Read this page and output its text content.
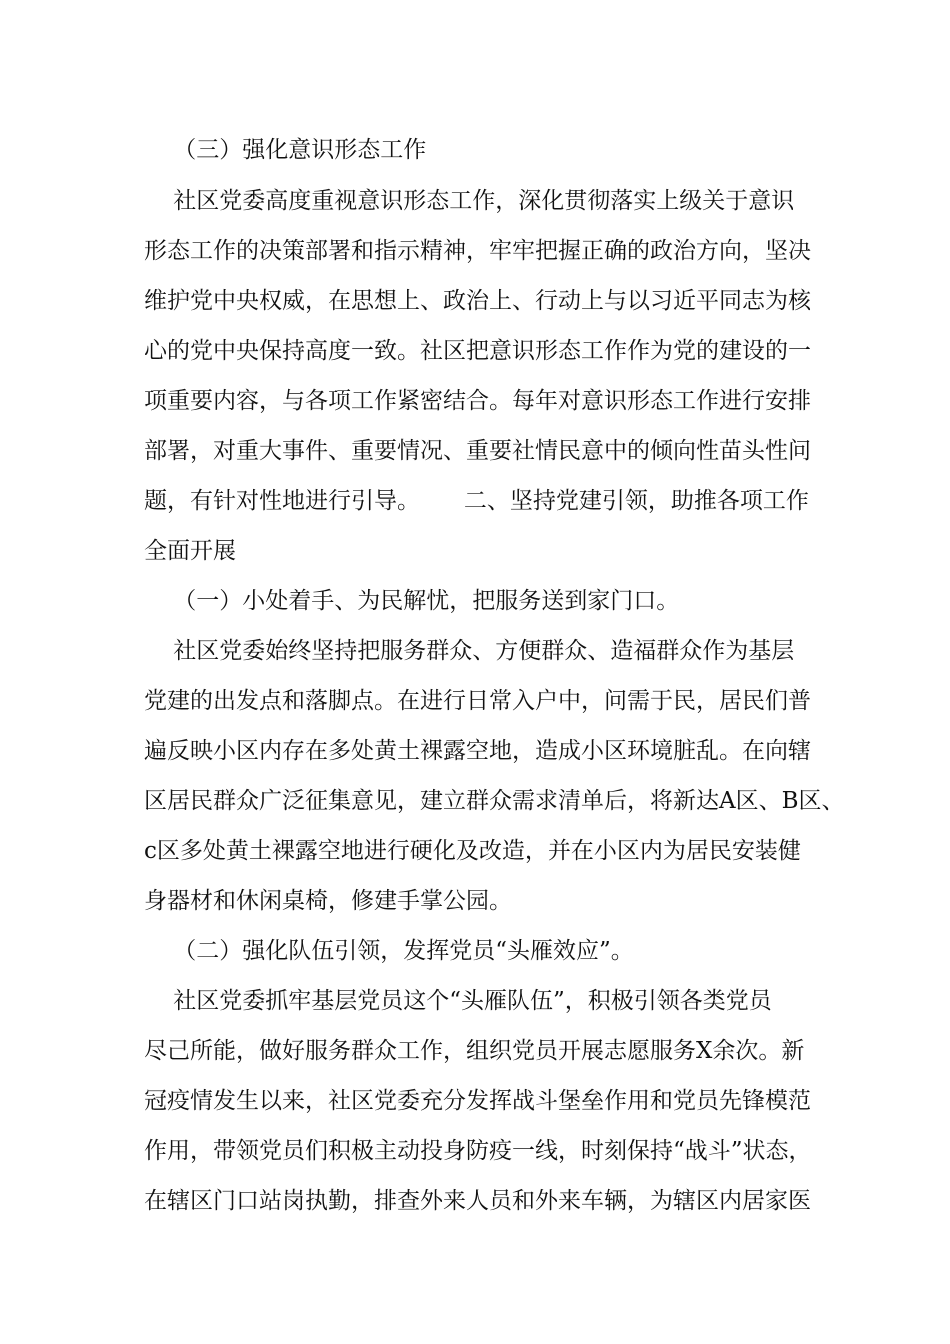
（三）强化意识形态工作
社区党委高度重视意识形态工作，深化贯彻落实上级关于意识
形态工作的决策部署和指示精神，牢牢把握正确的政治方向，坚决
维护党中央权威，在思想上、政治上、行动上与以习近平同志为核
心的党中央保持高度一致。社区把意识形态工作作为党的建设的一
项重要内容，与各项工作紧密结合。每年对意识形态工作进行安排
部署，对重大事件、重要情况、重要社情民意中的倾向性苗头性问
题，有针对性地进行引导。      二、坚持党建引领，助推各项工作
全面开展
（一）小处着手、为民解忧，把服务送到家门口。
社区党委始终坚持把服务群众、方便群众、造福群众作为基层
党建的出发点和落脚点。在进行日常入户中，问需于民，居民们普
遍反映小区内存在多处黄土裸露空地，造成小区环境脏乱。在向辖
区居民群众广泛征集意见，建立群众需求清单后，将新达A区、B区、
c区多处黄土裸露空地进行硬化及改造，并在小区内为居民安装健
身器材和休闲桌椅，修建手掌公园。
（二）强化队伍引领，发挥党员“头雁效应”。
社区党委抓牢基层党员这个“头雁队伍”，积极引领各类党员
尽己所能，做好服务群众工作，组织党员开展志愿服务X余次。新
冠疫情发生以来，社区党委充分发挥战斗堡垒作用和党员先锋模范
作用，带领党员们积极主动投身防疫一线，时刻保持“战斗”状态，
在辖区门口站岗执勤，排查外来人员和外来车辆，为辖区内居家医
